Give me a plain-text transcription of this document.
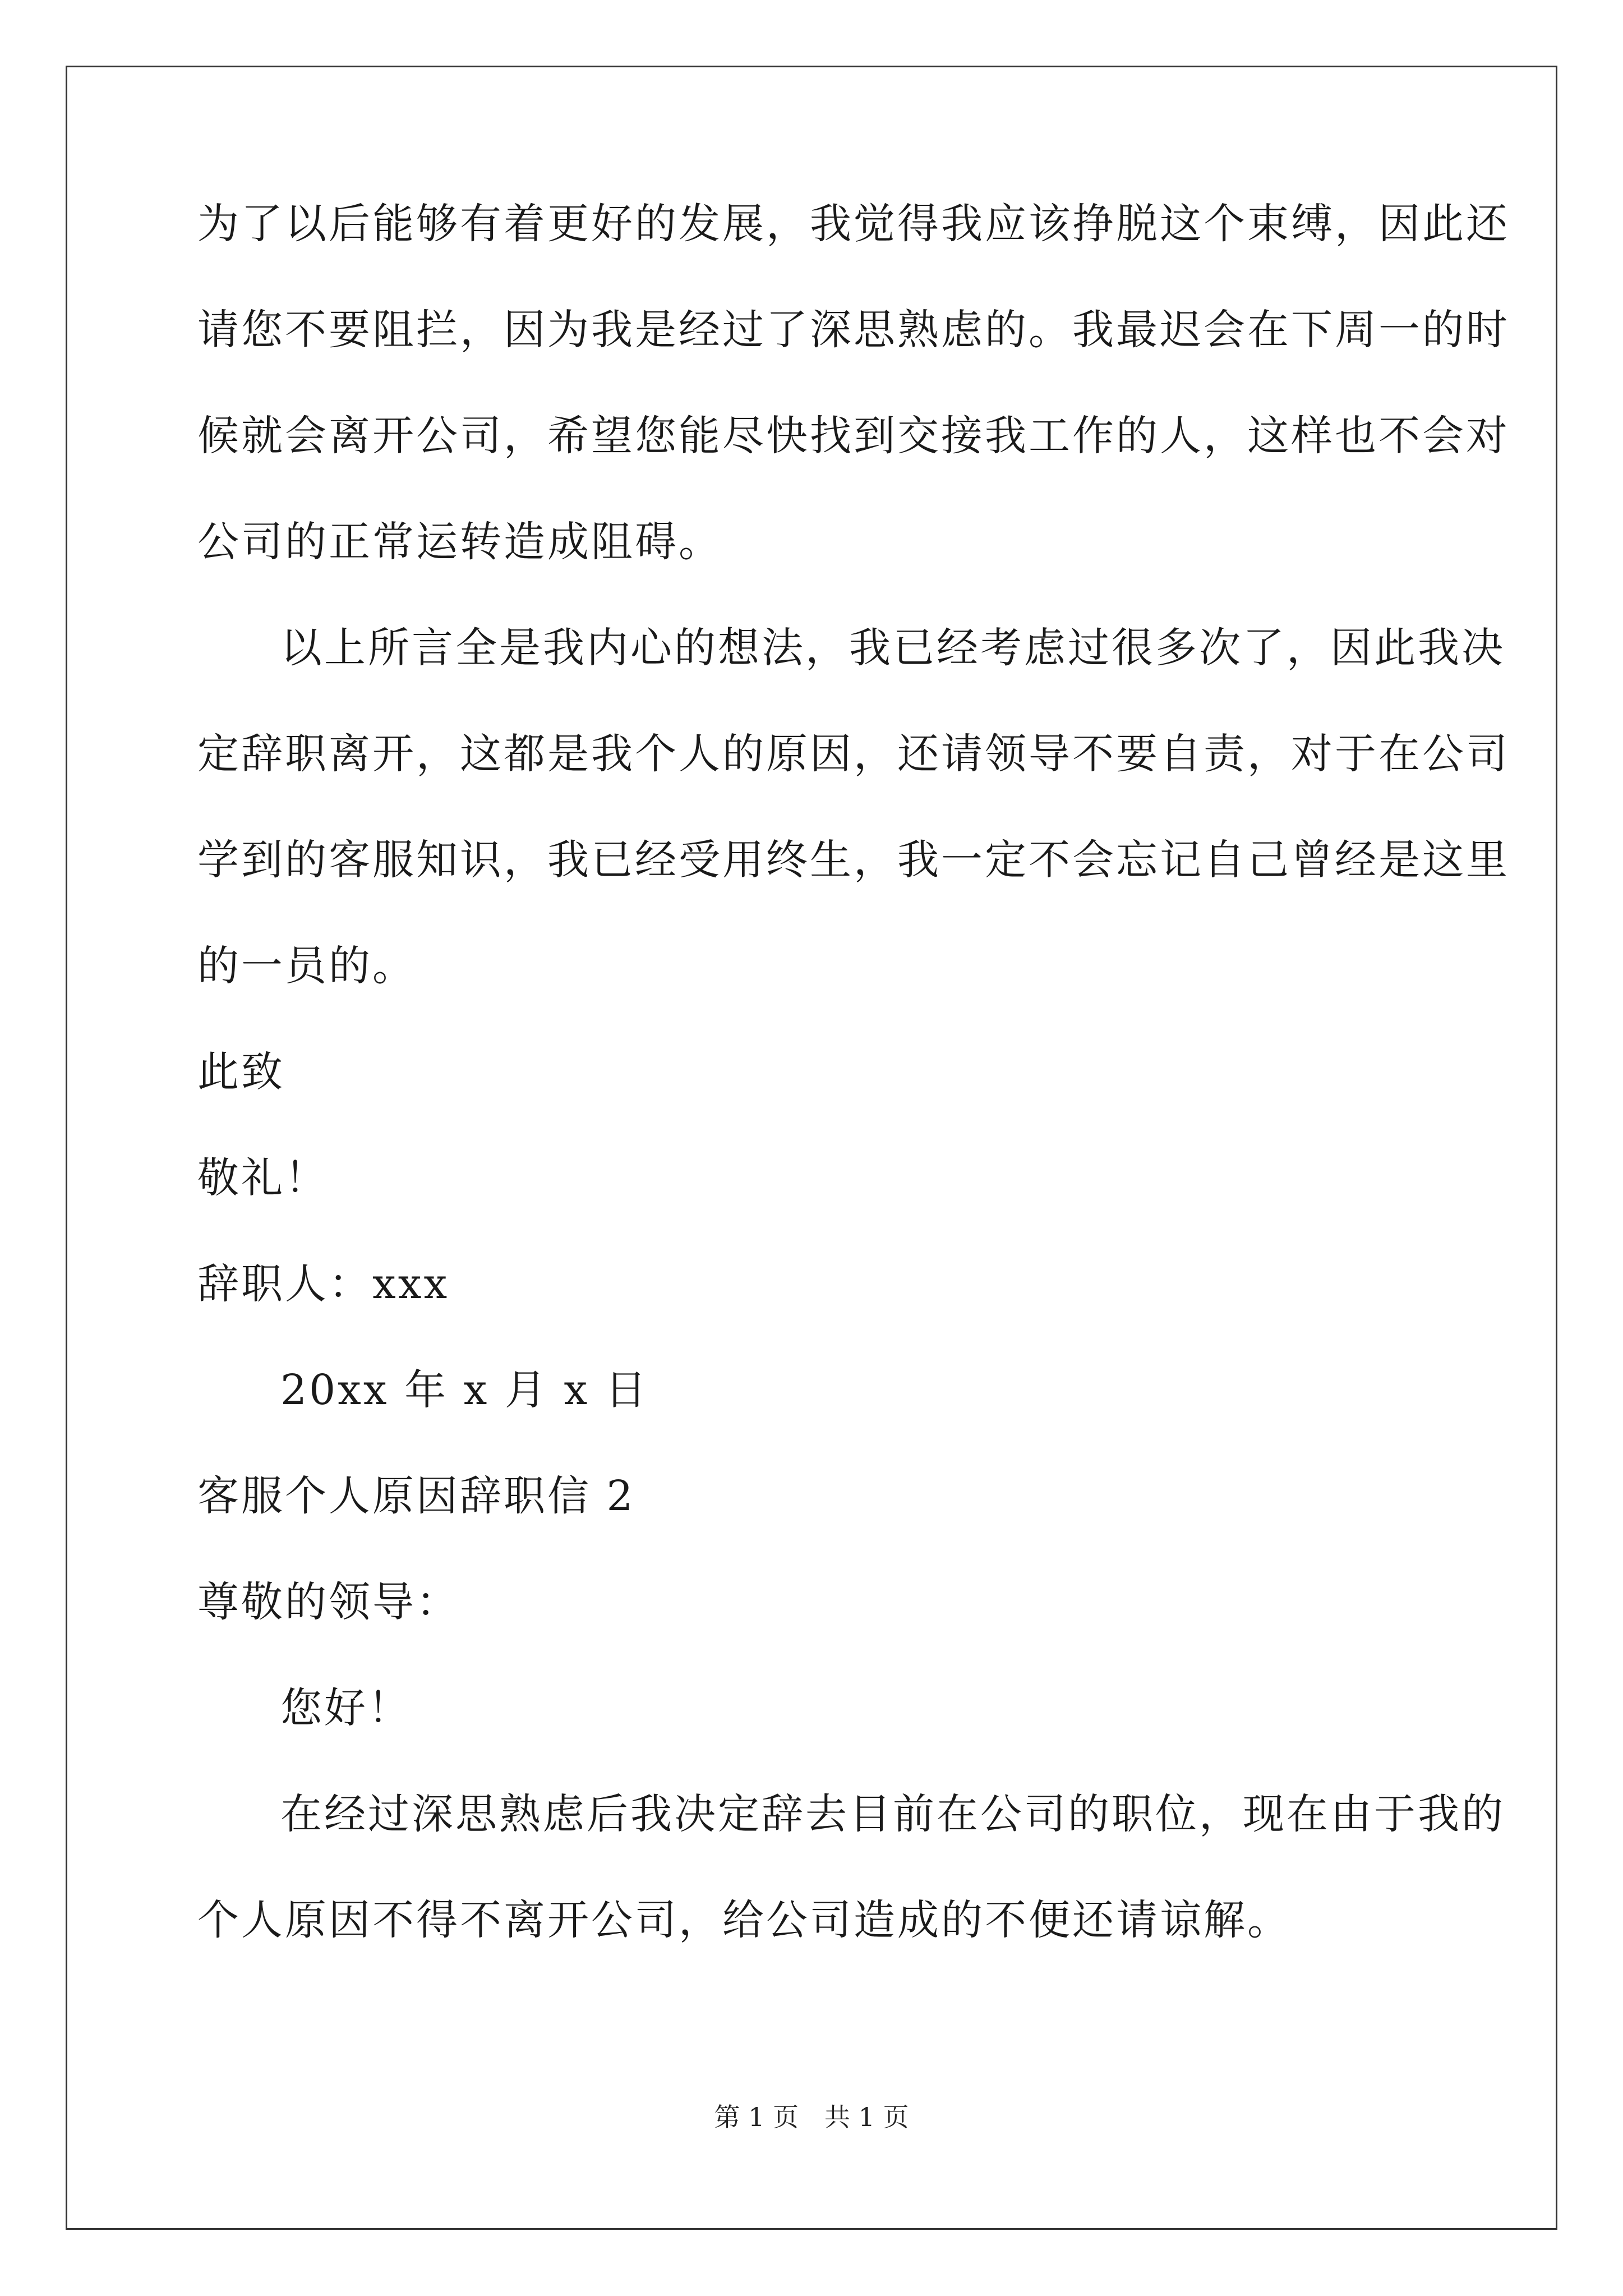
为了以后能够有着更好的发展，我觉得我应该挣脱这个束缚，因此还
请您不要阻拦，因为我是经过了深思熟虑的。我最迟会在下周一的时
候就会离开公司，希望您能尽快找到交接我工作的人，这样也不会对
公司的正常运转造成阻碍。
以上所言全是我内心的想法，我已经考虑过很多次了，因此我决
定辞职离开，这都是我个人的原因，还请领导不要自责，对于在公司
学到的客服知识，我已经受用终生，我一定不会忘记自己曾经是这里
的一员的。
此致
敬礼！
辞职人：xxx
20xx 年 x 月 x 日
客服个人原因辞职信 2
尊敬的领导：
您好！
在经过深思熟虑后我决定辞去目前在公司的职位，现在由于我的
个人原因不得不离开公司，给公司造成的不便还请谅解。
第 1 页　共 1 页
